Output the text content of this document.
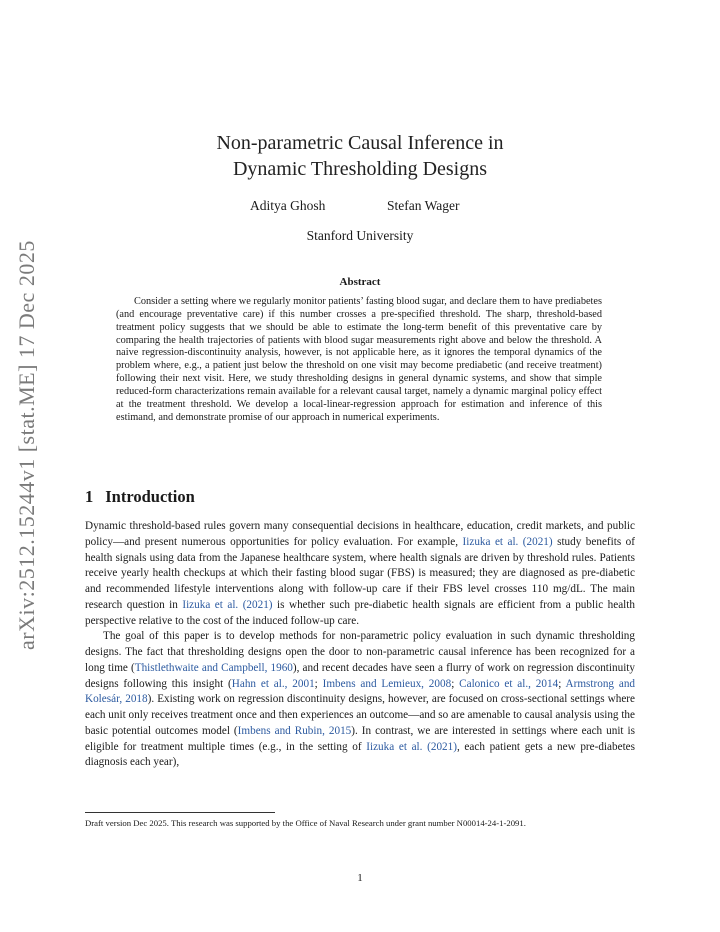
arXiv:2512.15244v1 [stat.ME] 17 Dec 2025
Non-parametric Causal Inference in
Dynamic Thresholding Designs
Aditya Ghosh	Stefan Wager
Stanford University
Abstract

Consider a setting where we regularly monitor patients’ fasting blood sugar, and declare them to have prediabetes (and encourage preventative care) if this number crosses a pre-specified threshold. The sharp, threshold-based treatment policy suggests that we should be able to estimate the long-term benefit of this preventative care by comparing the health trajectories of patients with blood sugar measurements right above and below the threshold. A naive regression-discontinuity analysis, however, is not applicable here, as it ignores the temporal dynamics of the problem where, e.g., a patient just below the threshold on one visit may become prediabetic (and receive treatment) following their next visit. Here, we study thresholding designs in general dynamic systems, and show that simple reduced-form characterizations remain available for a relevant causal target, namely a dynamic marginal policy effect at the treatment threshold. We develop a local-linear-regression approach for estimation and inference of this estimand, and demonstrate promise of our approach in numerical experiments.

1 Introduction

Dynamic threshold-based rules govern many consequential decisions in healthcare, education, credit markets, and public policy—and present numerous opportunities for policy evaluation. For example, Iizuka et al. (2021) study benefits of health signals using data from the Japanese healthcare system, where health signals are driven by threshold rules. Patients receive yearly health checkups at which their fasting blood sugar (FBS) is measured; they are diagnosed as pre-diabetic and recommended lifestyle interventions along with follow-up care if their FBS level crosses 110 mg/dL. The main research question in Iizuka et al. (2021) is whether such pre-diabetic health signals are efficient from a public health perspective relative to the cost of the induced follow-up care.

The goal of this paper is to develop methods for non-parametric policy evaluation in such dynamic thresholding designs. The fact that thresholding designs open the door to non-parametric causal inference has been recognized for a long time (Thistlethwaite and Campbell, 1960), and recent decades have seen a flurry of work on regression discontinuity designs following this insight (Hahn et al., 2001; Imbens and Lemieux, 2008; Calonico et al., 2014; Armstrong and Kolesár, 2018). Existing work on regression discontinuity designs, however, are focused on cross-sectional settings where each unit only receives treatment once and then experiences an outcome—and so are amenable to causal analysis using the basic potential outcomes model (Imbens and Rubin, 2015). In contrast, we are interested in settings where each unit is eligible for treatment multiple times (e.g., in the setting of Iizuka et al. (2021), each patient gets a new pre-diabetes diagnosis each year),

Draft version Dec 2025. This research was supported by the Office of Naval Research under grant number N00014-24-1-2091.

1
